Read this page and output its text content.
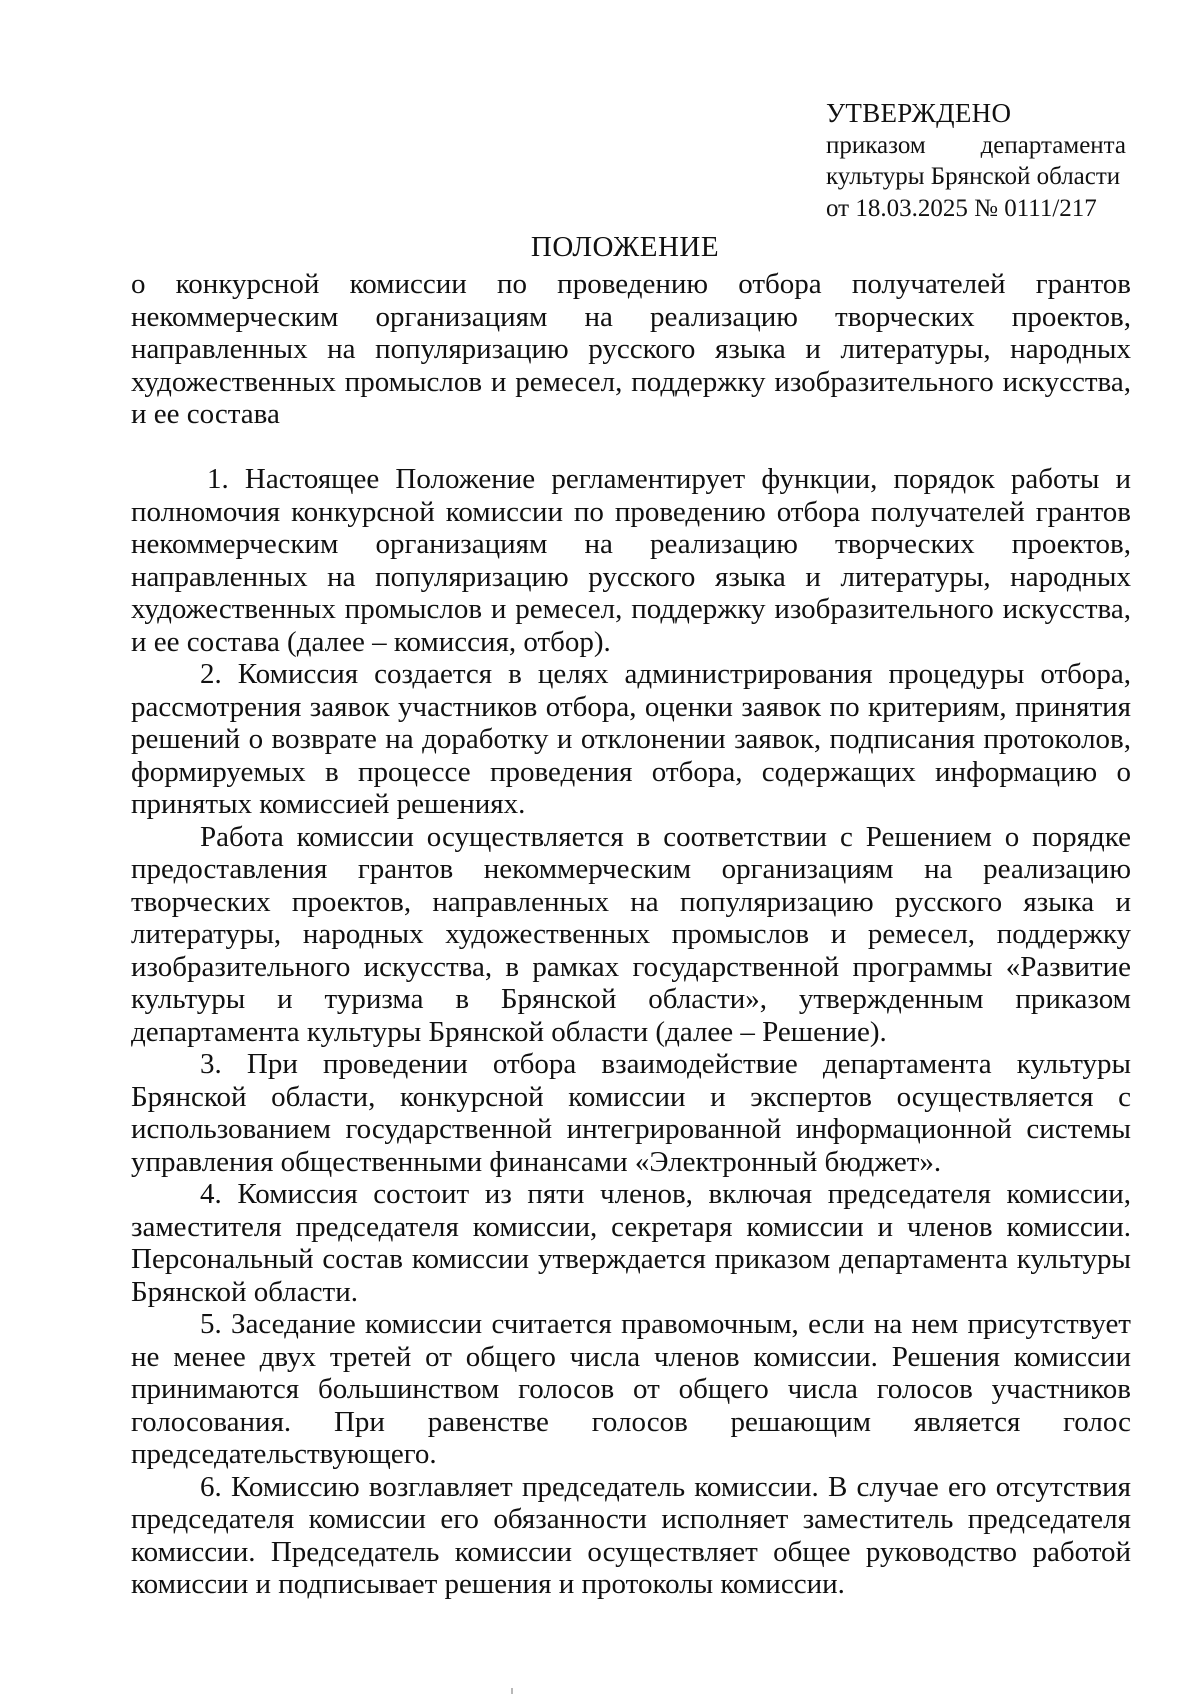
УТВЕРЖДЕНО
приказом департамента
культуры Брянской области
от 18.03.2025 № 0111/217
ПОЛОЖЕНИЕ
о конкурсной комиссии по проведению отбора получателей грантов некоммерческим организациям на реализацию творческих проектов, направленных на популяризацию русского языка и литературы, народных художественных промыслов и ремесел, поддержку изобразительного искусства, и ее состава

1. Настоящее Положение регламентирует функции, порядок работы и полномочия конкурсной комиссии по проведению отбора получателей грантов некоммерческим организациям на реализацию творческих проектов, направленных на популяризацию русского языка и литературы, народных художественных промыслов и ремесел, поддержку изобразительного искусства, и ее состава (далее – комиссия, отбор).

2. Комиссия создается в целях администрирования процедуры отбора, рассмотрения заявок участников отбора, оценки заявок по критериям, принятия решений о возврате на доработку и отклонении заявок, подписания протоколов, формируемых в процессе проведения отбора, содержащих информацию о принятых комиссией решениях.

Работа комиссии осуществляется в соответствии с Решением о порядке предоставления грантов некоммерческим организациям на реализацию творческих проектов, направленных на популяризацию русского языка и литературы, народных художественных промыслов и ремесел, поддержку изобразительного искусства, в рамках государственной программы «Развитие культуры и туризма в Брянской области», утвержденным приказом департамента культуры Брянской области (далее – Решение).

3. При проведении отбора взаимодействие департамента культуры Брянской области, конкурсной комиссии и экспертов осуществляется с использованием государственной интегрированной информационной системы управления общественными финансами «Электронный бюджет».

4. Комиссия состоит из пяти членов, включая председателя комиссии, заместителя председателя комиссии, секретаря комиссии и членов комиссии. Персональный состав комиссии утверждается приказом департамента культуры Брянской области.

5. Заседание комиссии считается правомочным, если на нем присутствует не менее двух третей от общего числа членов комиссии. Решения комиссии принимаются большинством голосов от общего числа голосов участников голосования. При равенстве голосов решающим является голос председательствующего.

6. Комиссию возглавляет председатель комиссии. В случае его отсутствия председателя комиссии его обязанности исполняет заместитель председателя комиссии. Председатель комиссии осуществляет общее руководство работой комиссии и подписывает решения и протоколы комиссии.
